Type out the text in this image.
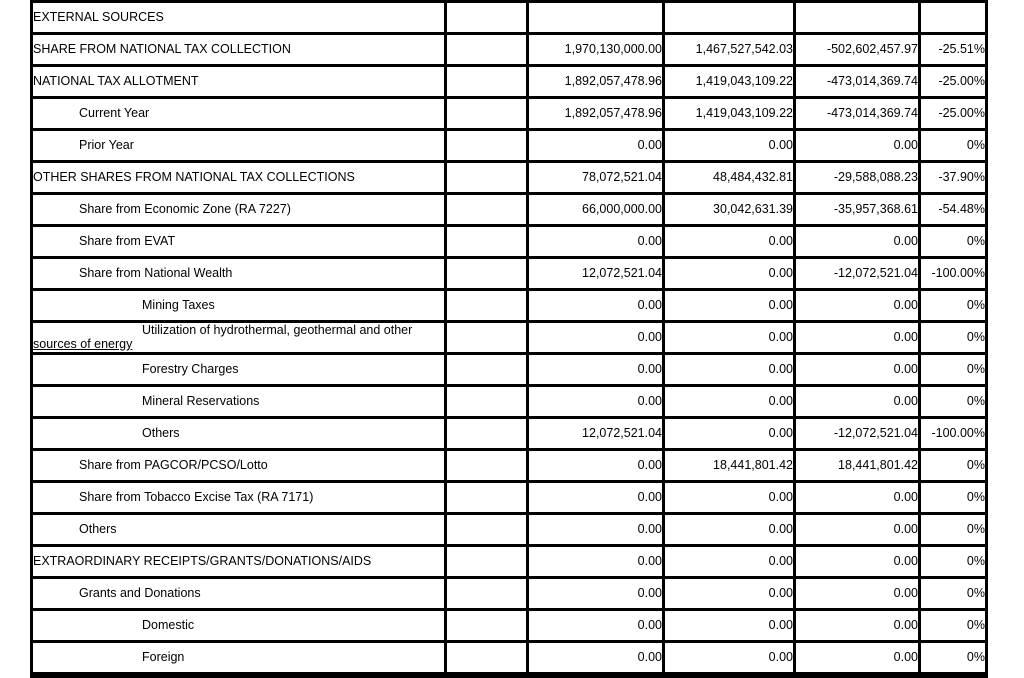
EXTERNAL SOURCES					

SHARE FROM NATIONAL TAX COLLECTION		1,970,130,000.00	1,467,527,542.03	-502,602,457.97	-25.51%

NATIONAL TAX ALLOTMENT		1,892,057,478.96	1,419,043,109.22	-473,014,369.74	-25.00%

Current Year		1,892,057,478.96	1,419,043,109.22	-473,014,369.74	-25.00%

Prior Year		0.00	0.00	0.00	0%

OTHER SHARES FROM NATIONAL TAX COLLECTIONS		78,072,521.04	48,484,432.81	-29,588,088.23	-37.90%

Share from Economic Zone (RA 7227)		66,000,000.00	30,042,631.39	-35,957,368.61	-54.48%

Share from EVAT		0.00	0.00	0.00	0%

Share from National Wealth		12,072,521.04	0.00	-12,072,521.04	-100.00%

Mining Taxes		0.00	0.00	0.00	0%

Utilization of hydrothermal, geothermal and other
sources of energy		0.00	0.00	0.00	0%

Forestry Charges		0.00	0.00	0.00	0%

Mineral Reservations		0.00	0.00	0.00	0%

Others		12,072,521.04	0.00	-12,072,521.04	-100.00%

Share from PAGCOR/PCSO/Lotto		0.00	18,441,801.42	18,441,801.42	0%

Share from Tobacco Excise Tax (RA 7171)		0.00	0.00	0.00	0%

Others		0.00	0.00	0.00	0%

EXTRAORDINARY RECEIPTS/GRANTS/DONATIONS/AIDS		0.00	0.00	0.00	0%

Grants and Donations		0.00	0.00	0.00	0%

Domestic		0.00	0.00	0.00	0%

Foreign		0.00	0.00	0.00	0%
